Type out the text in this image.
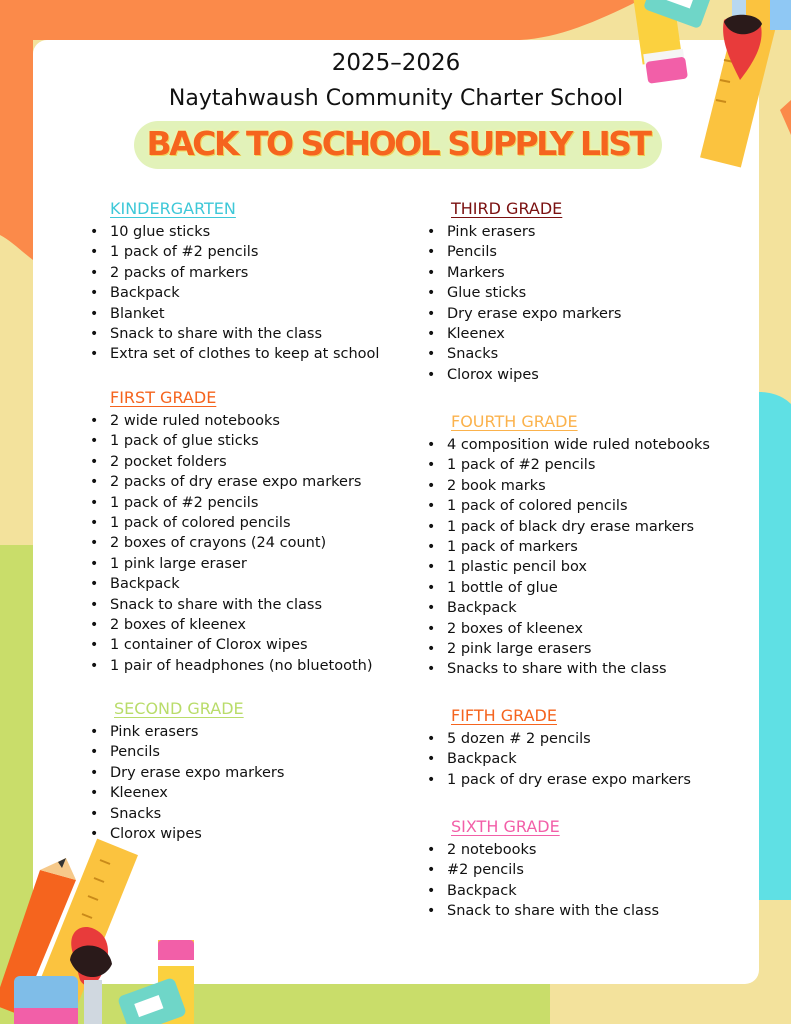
2025–2026
Naytahwaush Community Charter School
BACK TO SCHOOL SUPPLY LIST
KINDERGARTEN
• 10 glue sticks
• 1 pack of #2 pencils
• 2 packs of markers
• Backpack
• Blanket
• Snack to share with the class
• Extra set of clothes to keep at school
FIRST GRADE
• 2 wide ruled notebooks
• 1 pack of glue sticks
• 2 pocket folders
• 2 packs of dry erase expo markers
• 1 pack of #2 pencils
• 1 pack of colored pencils
• 2 boxes of crayons (24 count)
• 1 pink large eraser
• Backpack
• Snack to share with the class
• 2 boxes of kleenex
• 1 container of Clorox wipes
• 1 pair of headphones (no bluetooth)
SECOND GRADE
• Pink erasers
• Pencils
• Dry erase expo markers
• Kleenex
• Snacks
• Clorox wipes
THIRD GRADE
• Pink erasers
• Pencils
• Markers
• Glue sticks
• Dry erase expo markers
• Kleenex
• Snacks
• Clorox wipes
FOURTH GRADE
• 4 composition wide ruled notebooks
• 1 pack of #2 pencils
• 2 book marks
• 1 pack of colored pencils
• 1 pack of black dry erase markers
• 1 pack of markers
• 1 plastic pencil box
• 1 bottle of glue
• Backpack
• 2 boxes of kleenex
• 2 pink large erasers
• Snacks to share with the class
FIFTH GRADE
• 5 dozen # 2 pencils
• Backpack
• 1 pack of dry erase expo markers
SIXTH GRADE
• 2 notebooks
• #2 pencils
• Backpack
• Snack to share with the class
